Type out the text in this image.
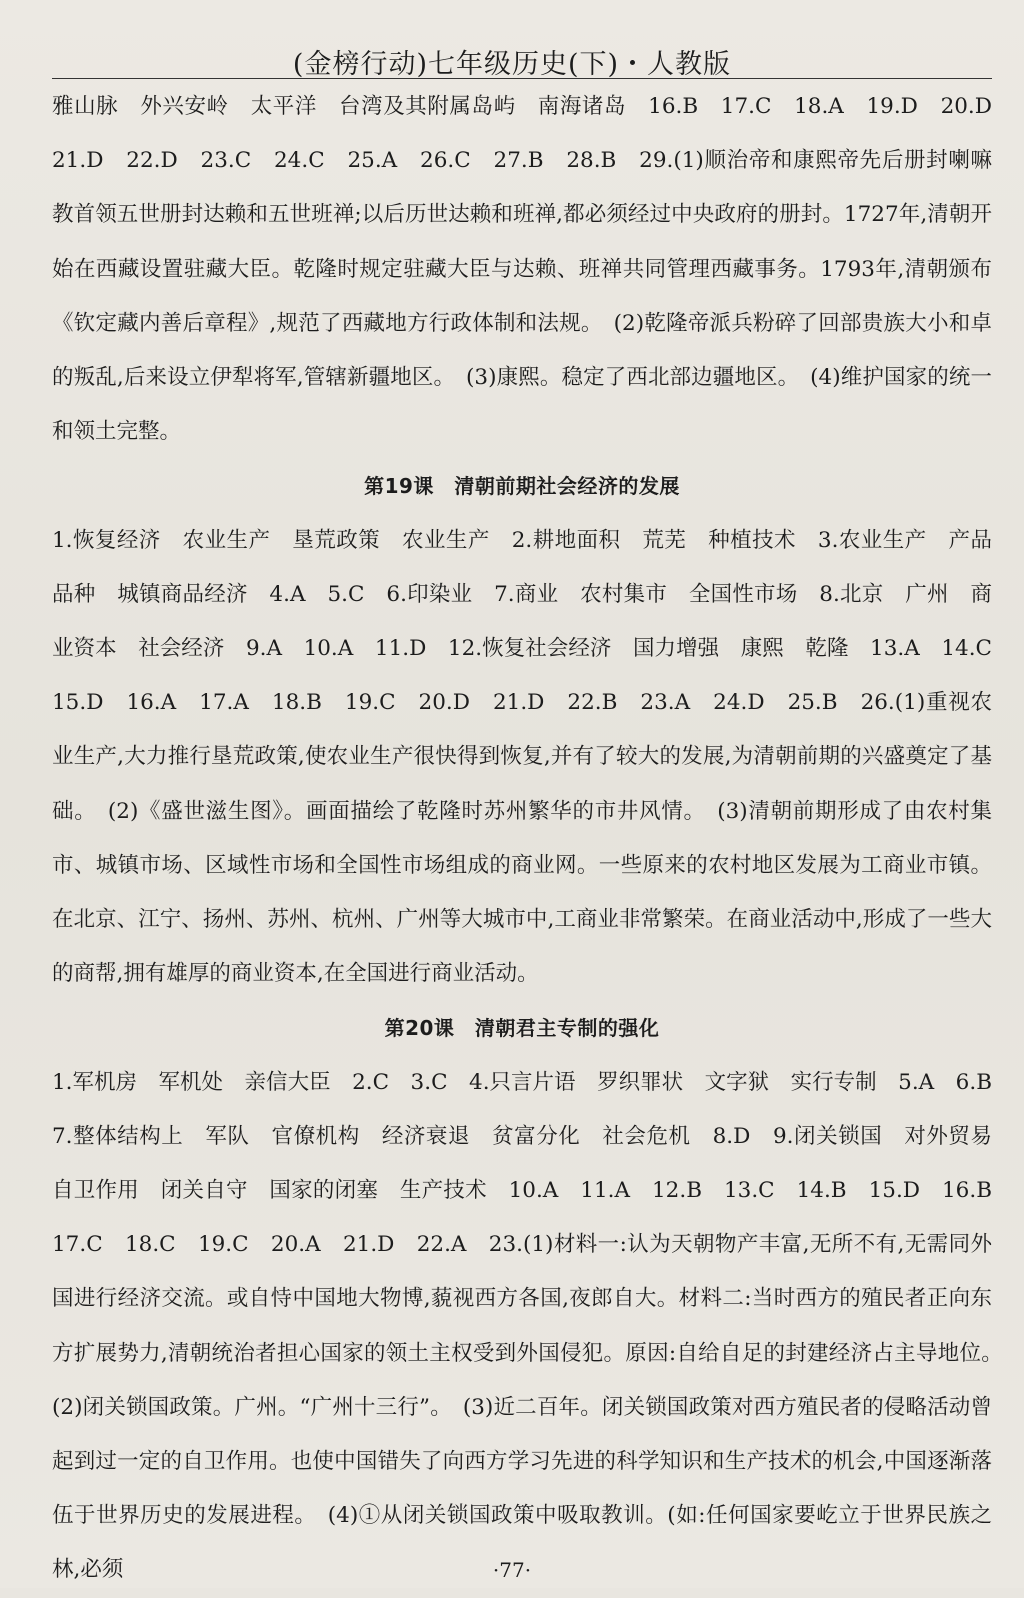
(金榜行动)七年级历史(下)・人教版

雅山脉　外兴安岭　太平洋　台湾及其附属岛屿　南海诸岛　16.B　17.C　18.A　19.D　20.D　21.D　22.D　23.C　24.C　25.A　26.C　27.B　28.B　29.(1)顺治帝和康熙帝先后册封喇嘛教首领五世册封达赖和五世班禅;以后历世达赖和班禅,都必须经过中央政府的册封。1727年,清朝开始在西藏设置驻藏大臣。乾隆时规定驻藏大臣与达赖、班禅共同管理西藏事务。1793年,清朝颁布《钦定藏内善后章程》,规范了西藏地方行政体制和法规。　(2)乾隆帝派兵粉碎了回部贵族大小和卓的叛乱,后来设立伊犁将军,管辖新疆地区。　(3)康熙。稳定了西北部边疆地区。　(4)维护国家的统一和领土完整。

第19课　清朝前期社会经济的发展

1.恢复经济　农业生产　垦荒政策　农业生产　2.耕地面积　荒芜　种植技术　3.农业生产　产品品种　城镇商品经济　4.A　5.C　6.印染业　7.商业　农村集市　全国性市场　8.北京　广州　商业资本　社会经济　9.A　10.A　11.D　12.恢复社会经济　国力增强　康熙　乾隆　13.A　14.C　15.D　16.A　17.A　18.B　19.C　20.D　21.D　22.B　23.A　24.D　25.B　26.(1)重视农业生产,大力推行垦荒政策,使农业生产很快得到恢复,并有了较大的发展,为清朝前期的兴盛奠定了基础。　(2)《盛世滋生图》。画面描绘了乾隆时苏州繁华的市井风情。　(3)清朝前期形成了由农村集市、城镇市场、区域性市场和全国性市场组成的商业网。一些原来的农村地区发展为工商业市镇。在北京、江宁、扬州、苏州、杭州、广州等大城市中,工商业非常繁荣。在商业活动中,形成了一些大的商帮,拥有雄厚的商业资本,在全国进行商业活动。

第20课　清朝君主专制的强化

1.军机房　军机处　亲信大臣　2.C　3.C　4.只言片语　罗织罪状　文字狱　实行专制　5.A　6.B　7.整体结构上　军队　官僚机构　经济衰退　贫富分化　社会危机　8.D　9.闭关锁国　对外贸易　自卫作用　闭关自守　国家的闭塞　生产技术　10.A　11.A　12.B　13.C　14.B　15.D　16.B　17.C　18.C　19.C　20.A　21.D　22.A　23.(1)材料一:认为天朝物产丰富,无所不有,无需同外国进行经济交流。或自恃中国地大物博,藐视西方各国,夜郎自大。材料二:当时西方的殖民者正向东方扩展势力,清朝统治者担心国家的领土主权受到外国侵犯。原因:自给自足的封建经济占主导地位。　(2)闭关锁国政策。广州。“广州十三行”。　(3)近二百年。闭关锁国政策对西方殖民者的侵略活动曾起到过一定的自卫作用。也使中国错失了向西方学习先进的科学知识和生产技术的机会,中国逐渐落伍于世界历史的发展进程。　(4)①从闭关锁国政策中吸取教训。(如:任何国家要屹立于世界民族之林,必须	·77·
